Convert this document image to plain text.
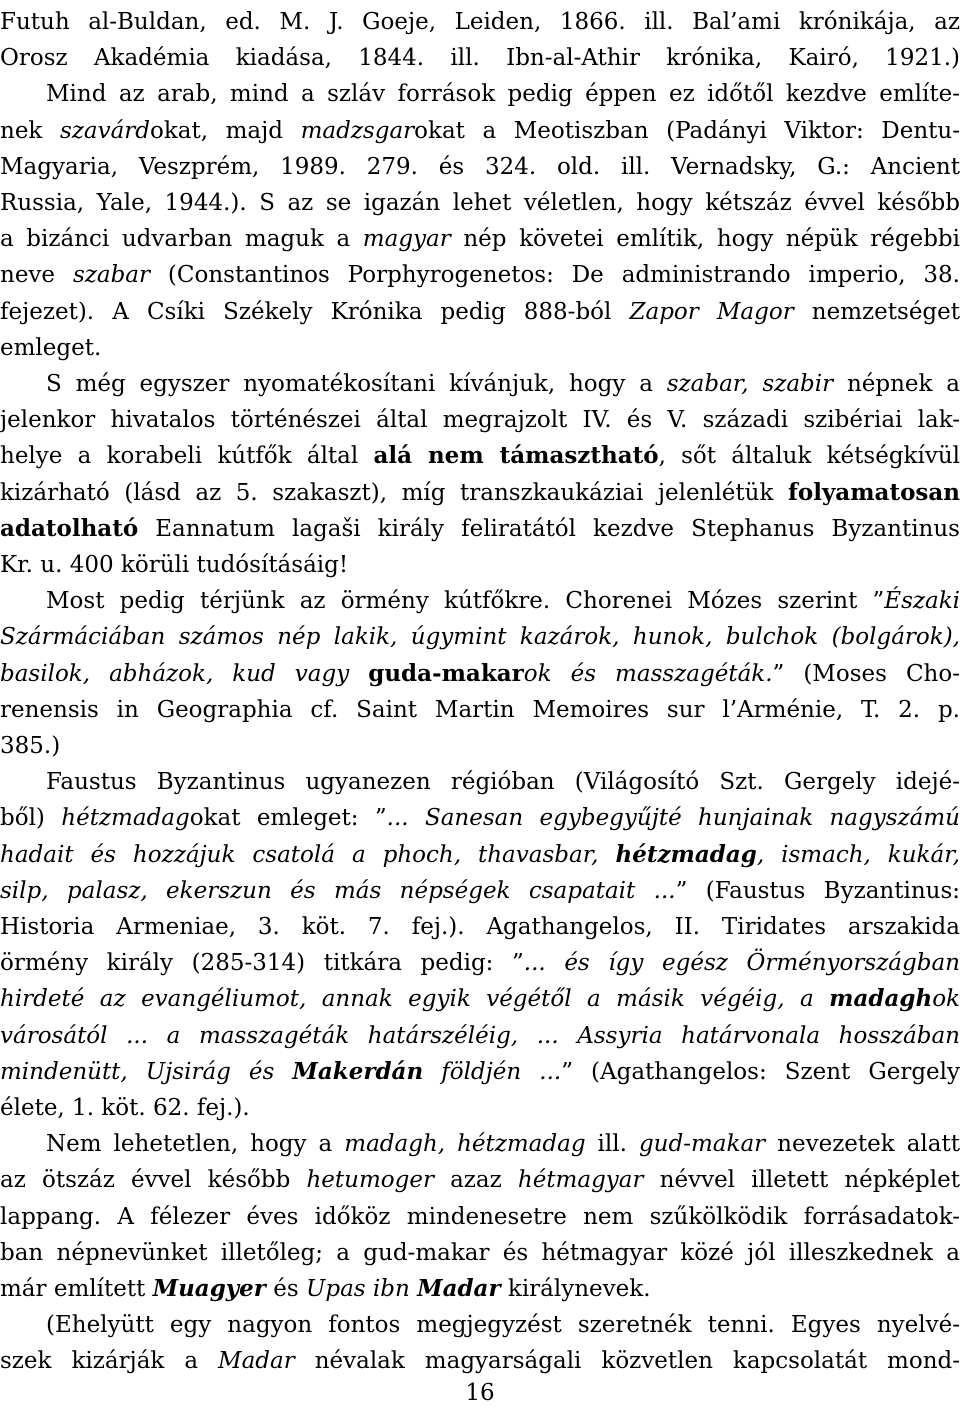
Futuh al-Buldan, ed. M. J. Goeje, Leiden, 1866. ill. Bal’ami krónikája, az
Orosz Akadémia kiadása, 1844. ill. Ibn-al-Athir krónika, Kairó, 1921.)
Mind az arab, mind a szláv források pedig éppen ez időtől kezdve említe-
nek szavárdokat, majd madzsgarokat a Meotiszban (Padányi Viktor: Dentu-
Magyaria, Veszprém, 1989. 279. és 324. old. ill. Vernadsky, G.: Ancient
Russia, Yale, 1944.). S az se igazán lehet véletlen, hogy kétszáz évvel később
a bizánci udvarban maguk a magyar nép követei említik, hogy népük régebbi
neve szabar (Constantinos Porphyrogenetos: De administrando imperio, 38.
fejezet). A Csíki Székely Krónika pedig 888-ból Zapor Magor nemzetséget
emleget.
S még egyszer nyomatékosítani kívánjuk, hogy a szabar, szabir népnek a
jelenkor hivatalos történészei által megrajzolt IV. és V. századi szibériai lak-
helye a korabeli kútfők által alá nem támasztható, sőt általuk kétségkívül
kizárható (lásd az 5. szakaszt), míg transzkaukáziai jelenlétük folyamatosan
adatolható Eannatum lagaši király feliratától kezdve Stephanus Byzantinus
Kr. u. 400 körüli tudósításáig!
Most pedig térjünk az örmény kútfőkre. Chorenei Mózes szerint ”Északi
Szármáciában számos nép lakik, úgymint kazárok, hunok, bulchok (bolgárok),
basilok, abházok, kud vagy guda-makarok és masszagéták.” (Moses Cho-
renensis in Geographia cf. Saint Martin Memoires sur l’Arménie, T. 2. p.
385.)
Faustus Byzantinus ugyanezen régióban (Világosító Szt. Gergely idejé-
ből) hétzmadagokat emleget: ”... Sanesan egybegyűjté hunjainak nagyszámú
hadait és hozzájuk csatolá a phoch, thavasbar, hétzmadag, ismach, kukár,
silp, palasz, ekerszun és más népségek csapatait ...” (Faustus Byzantinus:
Historia Armeniae, 3. köt. 7. fej.). Agathangelos, II. Tiridates arszakida
örmény király (285-314) titkára pedig: ”... és így egész Örményországban
hirdeté az evangéliumot, annak egyik végétől a másik végéig, a madaghok
városától ... a masszagéták határszéléig, ... Assyria határvonala hosszában
mindenütt, Ujsirág és Makerdán földjén ...” (Agathangelos: Szent Gergely
élete, 1. köt. 62. fej.).
Nem lehetetlen, hogy a madagh, hétzmadag ill. gud-makar nevezetek alatt
az ötszáz évvel később hetumoger azaz hétmagyar névvel illetett népképlet
lappang. A félezer éves időköz mindenesetre nem szűkölködik forrásadatok-
ban népnevünket illetőleg; a gud-makar és hétmagyar közé jól illeszkednek a
már említett Muagyer és Upas ibn Madar királynevek.
(Ehelyütt egy nagyon fontos megjegyzést szeretnék tenni. Egyes nyelvé-
szek kizárják a Madar névalak magyarságali közvetlen kapcsolatát mond-
16
